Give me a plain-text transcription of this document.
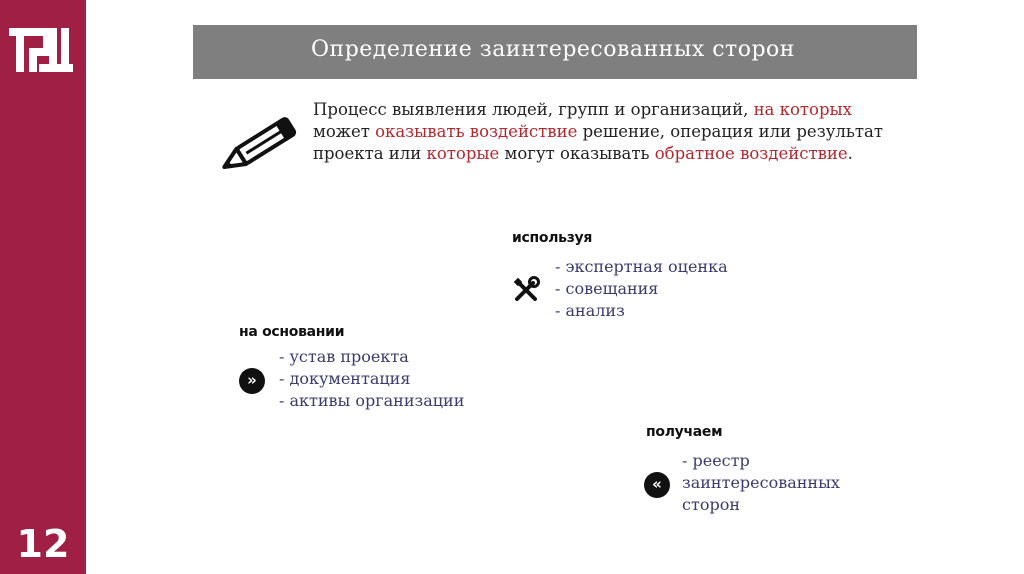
12
Определение заинтересованных сторон
Процесс выявления людей, групп и организаций, на которых может оказывать воздействие решение, операция или результат проекта или которые могут оказывать обратное воздействие.
используя
- экспертная оценка
- совещания
- анализ
на основании
»
- устав проекта
- документация
- активы организации
получаем
«
- реестр
заинтересованных
сторон
